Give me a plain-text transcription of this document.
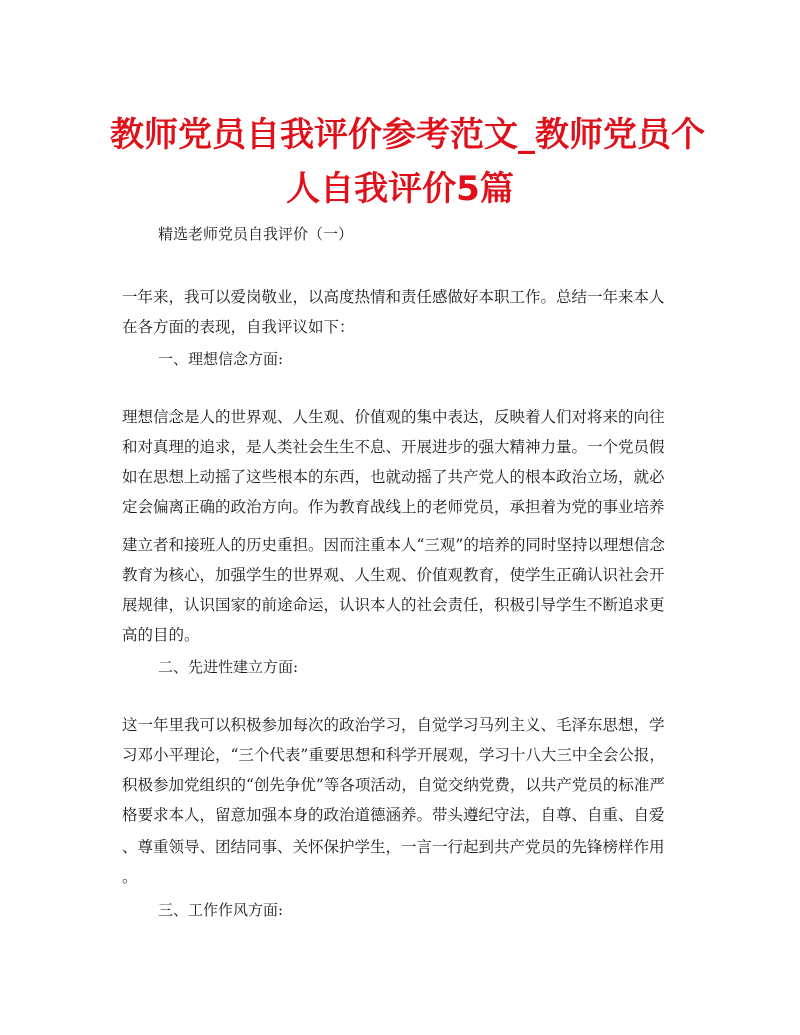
教师党员自我评价参考范文_教师党员个
人自我评价5篇
精选老师党员自我评价（一）
一年来，我可以爱岗敬业，以高度热情和责任感做好本职工作。总结一年来本人
在各方面的表现，自我评议如下：
一、理想信念方面:
理想信念是人的世界观、人生观、价值观的集中表达，反映着人们对将来的向往
和对真理的追求，是人类社会生生不息、开展进步的强大精神力量。一个党员假
如在思想上动摇了这些根本的东西，也就动摇了共产党人的根本政治立场，就必
定会偏离正确的政治方向。作为教育战线上的老师党员，承担着为党的事业培养
建立者和接班人的历史重担。因而注重本人“三观”的培养的同时坚持以理想信念
教育为核心，加强学生的世界观、人生观、价值观教育，使学生正确认识社会开
展规律，认识国家的前途命运，认识本人的社会责任，积极引导学生不断追求更
高的目的。
二、先进性建立方面:
这一年里我可以积极参加每次的政治学习，自觉学习马列主义、毛泽东思想，学
习邓小平理论，“三个代表”重要思想和科学开展观，学习十八大三中全会公报，
积极参加党组织的“创先争优”等各项活动，自觉交纳党费，以共产党员的标准严
格要求本人，留意加强本身的政治道德涵养。带头遵纪守法，自尊、自重、自爱
、尊重领导、团结同事、关怀保护学生，一言一行起到共产党员的先锋榜样作用
。
三、工作作风方面:
